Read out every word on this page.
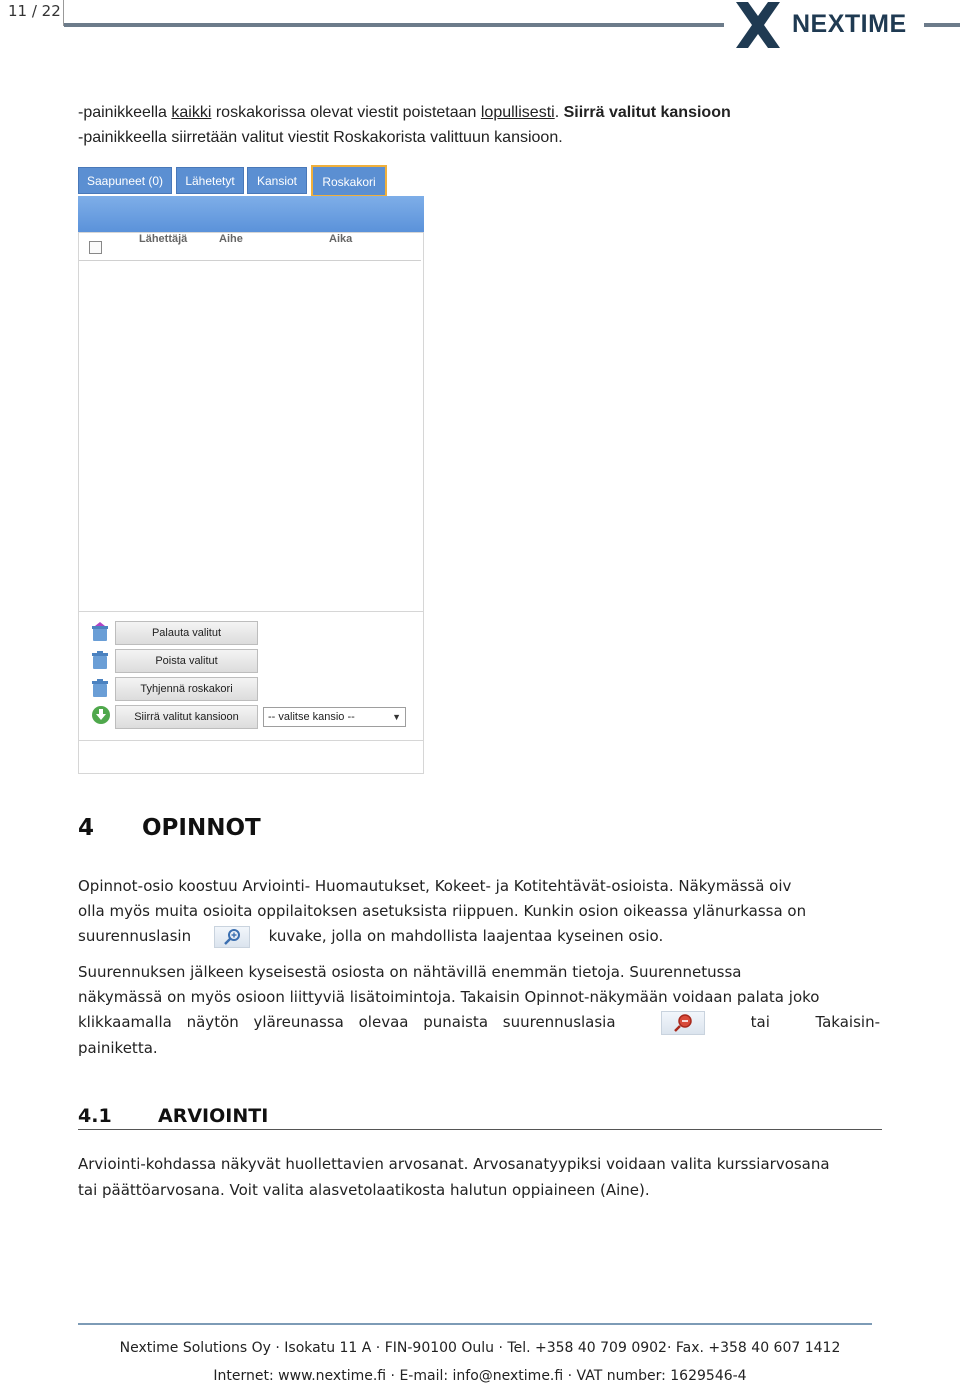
11 / 22	NEXTIME
-painikkeella kaikki roskakorissa olevat viestit poistetaan lopullisesti. Siirrä valitut kansioon
-painikkeella siirretään valitut viestit Roskakorista valittuun kansioon.
Saapuneet (0)	Lähetetyt	Kansiot	Roskakori
Lähettäjä	Aihe	Aika
Palauta valitut
Poista valitut
Tyhjennä roskakori
Siirrä valitut kansioon	-- valitse kansio --	▼
4 OPINNOT
Opinnot-osio koostuu Arviointi- Huomautukset, Kokeet- ja Kotitehtävät-osioista. Näkymässä oiv
olla myös muita osioita oppilaitoksen asetuksista riippuen. Kunkin osion oikeassa ylänurkassa on
suurennuslasin	kuvake, jolla on mahdollista laajentaa kyseinen osio.
Suurennuksen jälkeen kyseisestä osiosta on nähtävillä enemmän tietoja. Suurennetussa
näkymässä on myös osioon liittyviä lisätoimintoja. Takaisin Opinnot-näkymään voidaan palata joko
klikkaamalla näytön yläreunassa olevaa punaista suurennuslasia	tai	Takaisin-
painiketta.
4.1 ARVIOINTI
Arviointi-kohdassa näkyvät huollettavien arvosanat. Arvosanatyypiksi voidaan valita kurssiarvosana
tai päättöarvosana. Voit valita alasvetolaatikosta halutun oppiaineen (Aine).
Nextime Solutions Oy · Isokatu 11 A · FIN-90100 Oulu · Tel. +358 40 709 0902· Fax. +358 40 607 1412
Internet: www.nextime.fi · E-mail: info@nextime.fi · VAT number: 1629546-4
